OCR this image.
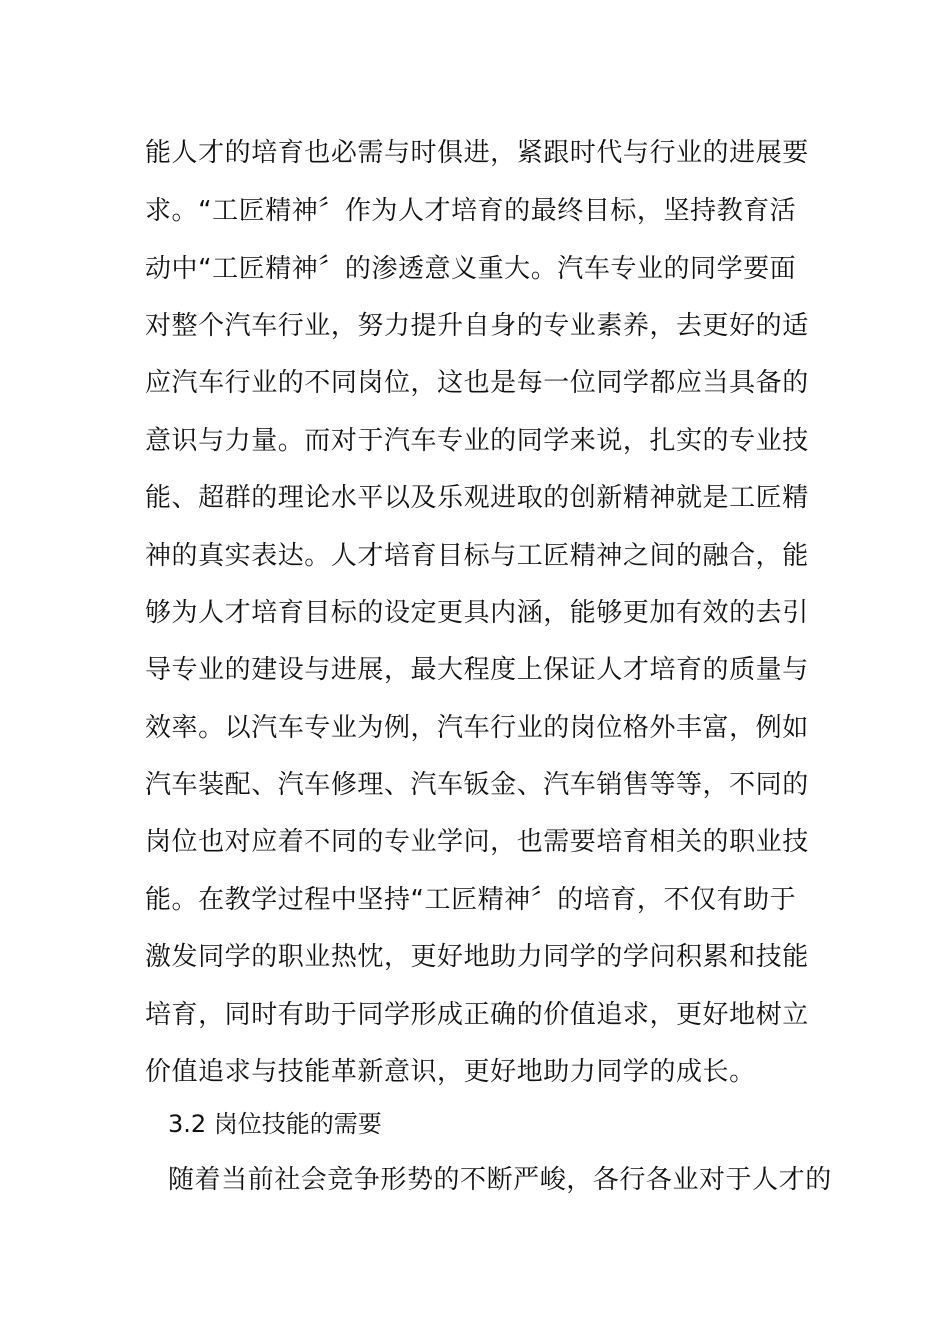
能人才的培育也必需与时俱进，紧跟时代与行业的进展要
求。“工匠精神〞作为人才培育的最终目标，坚持教育活
动中“工匠精神〞的渗透意义重大。汽车专业的同学要面
对整个汽车行业，努力提升自身的专业素养，去更好的适
应汽车行业的不同岗位，这也是每一位同学都应当具备的
意识与力量。而对于汽车专业的同学来说，扎实的专业技
能、超群的理论水平以及乐观进取的创新精神就是工匠精
神的真实表达。人才培育目标与工匠精神之间的融合，能
够为人才培育目标的设定更具内涵，能够更加有效的去引
导专业的建设与进展，最大程度上保证人才培育的质量与
效率。以汽车专业为例，汽车行业的岗位格外丰富，例如
汽车装配、汽车修理、汽车钣金、汽车销售等等，不同的
岗位也对应着不同的专业学问，也需要培育相关的职业技
能。在教学过程中坚持“工匠精神〞的培育，不仅有助于
激发同学的职业热忱，更好地助力同学的学问积累和技能
培育，同时有助于同学形成正确的价值追求，更好地树立
价值追求与技能革新意识，更好地助力同学的成长。
3.2 岗位技能的需要
随着当前社会竞争形势的不断严峻，各行各业对于人才的
